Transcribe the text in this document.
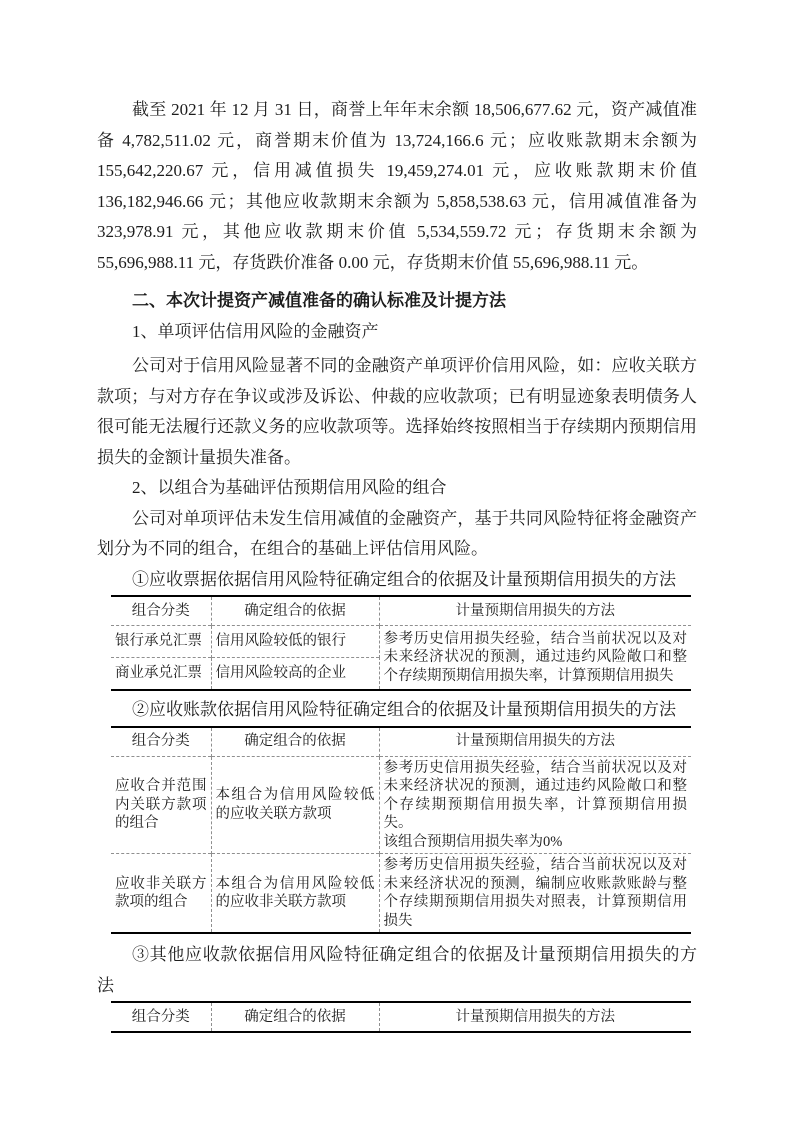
截至 2021 年 12 月 31 日，商誉上年年末余额 18,506,677.62 元，资产减值准
备 4,782,511.02 元，商誉期末价值为 13,724,166.6 元；应收账款期末余额为
155,642,220.67 元，信用减值损失 19,459,274.01 元，应收账款期末价值
136,182,946.66 元；其他应收款期末余额为 5,858,538.63 元，信用减值准备为
323,978.91 元，其他应收款期末价值 5,534,559.72 元；存货期末余额为
55,696,988.11 元，存货跌价准备 0.00 元，存货期末价值 55,696,988.11 元。
二、本次计提资产减值准备的确认标准及计提方法
1、单项评估信用风险的金融资产
公司对于信用风险显著不同的金融资产单项评价信用风险，如：应收关联方
款项；与对方存在争议或涉及诉讼、仲裁的应收款项；已有明显迹象表明债务人
很可能无法履行还款义务的应收款项等。选择始终按照相当于存续期内预期信用
损失的金额计量损失准备。
2、以组合为基础评估预期信用风险的组合
公司对单项评估未发生信用减值的金融资产，基于共同风险特征将金融资产
划分为不同的组合，在组合的基础上评估信用风险。
①应收票据依据信用风险特征确定组合的依据及计量预期信用损失的方法
组合分类	确定组合的依据	计量预期信用损失的方法
银行承兑汇票	信用风险较低的银行	参考历史信用损失经验，结合当前状况以及对未来经济状况的预测，通过违约风险敞口和整个存续期预期信用损失率，计算预期信用损失
商业承兑汇票	信用风险较高的企业	
②应收账款依据信用风险特征确定组合的依据及计量预期信用损失的方法
组合分类	确定组合的依据	计量预期信用损失的方法
应收合并范围内关联方款项的组合	本组合为信用风险较低的应收关联方款项	参考历史信用损失经验，结合当前状况以及对未来经济状况的预测，通过违约风险敞口和整个存续期预期信用损失率，计算预期信用损失。
该组合预期信用损失率为0%

应收非关联方款项的组合	本组合为信用风险较低的应收非关联方款项	参考历史信用损失经验，结合当前状况以及对未来经济状况的预测，编制应收账款账龄与整个存续期预期信用损失对照表，计算预期信用损失
③其他应收款依据信用风险特征确定组合的依据及计量预期信用损失的方
法
组合分类	确定组合的依据	计量预期信用损失的方法
